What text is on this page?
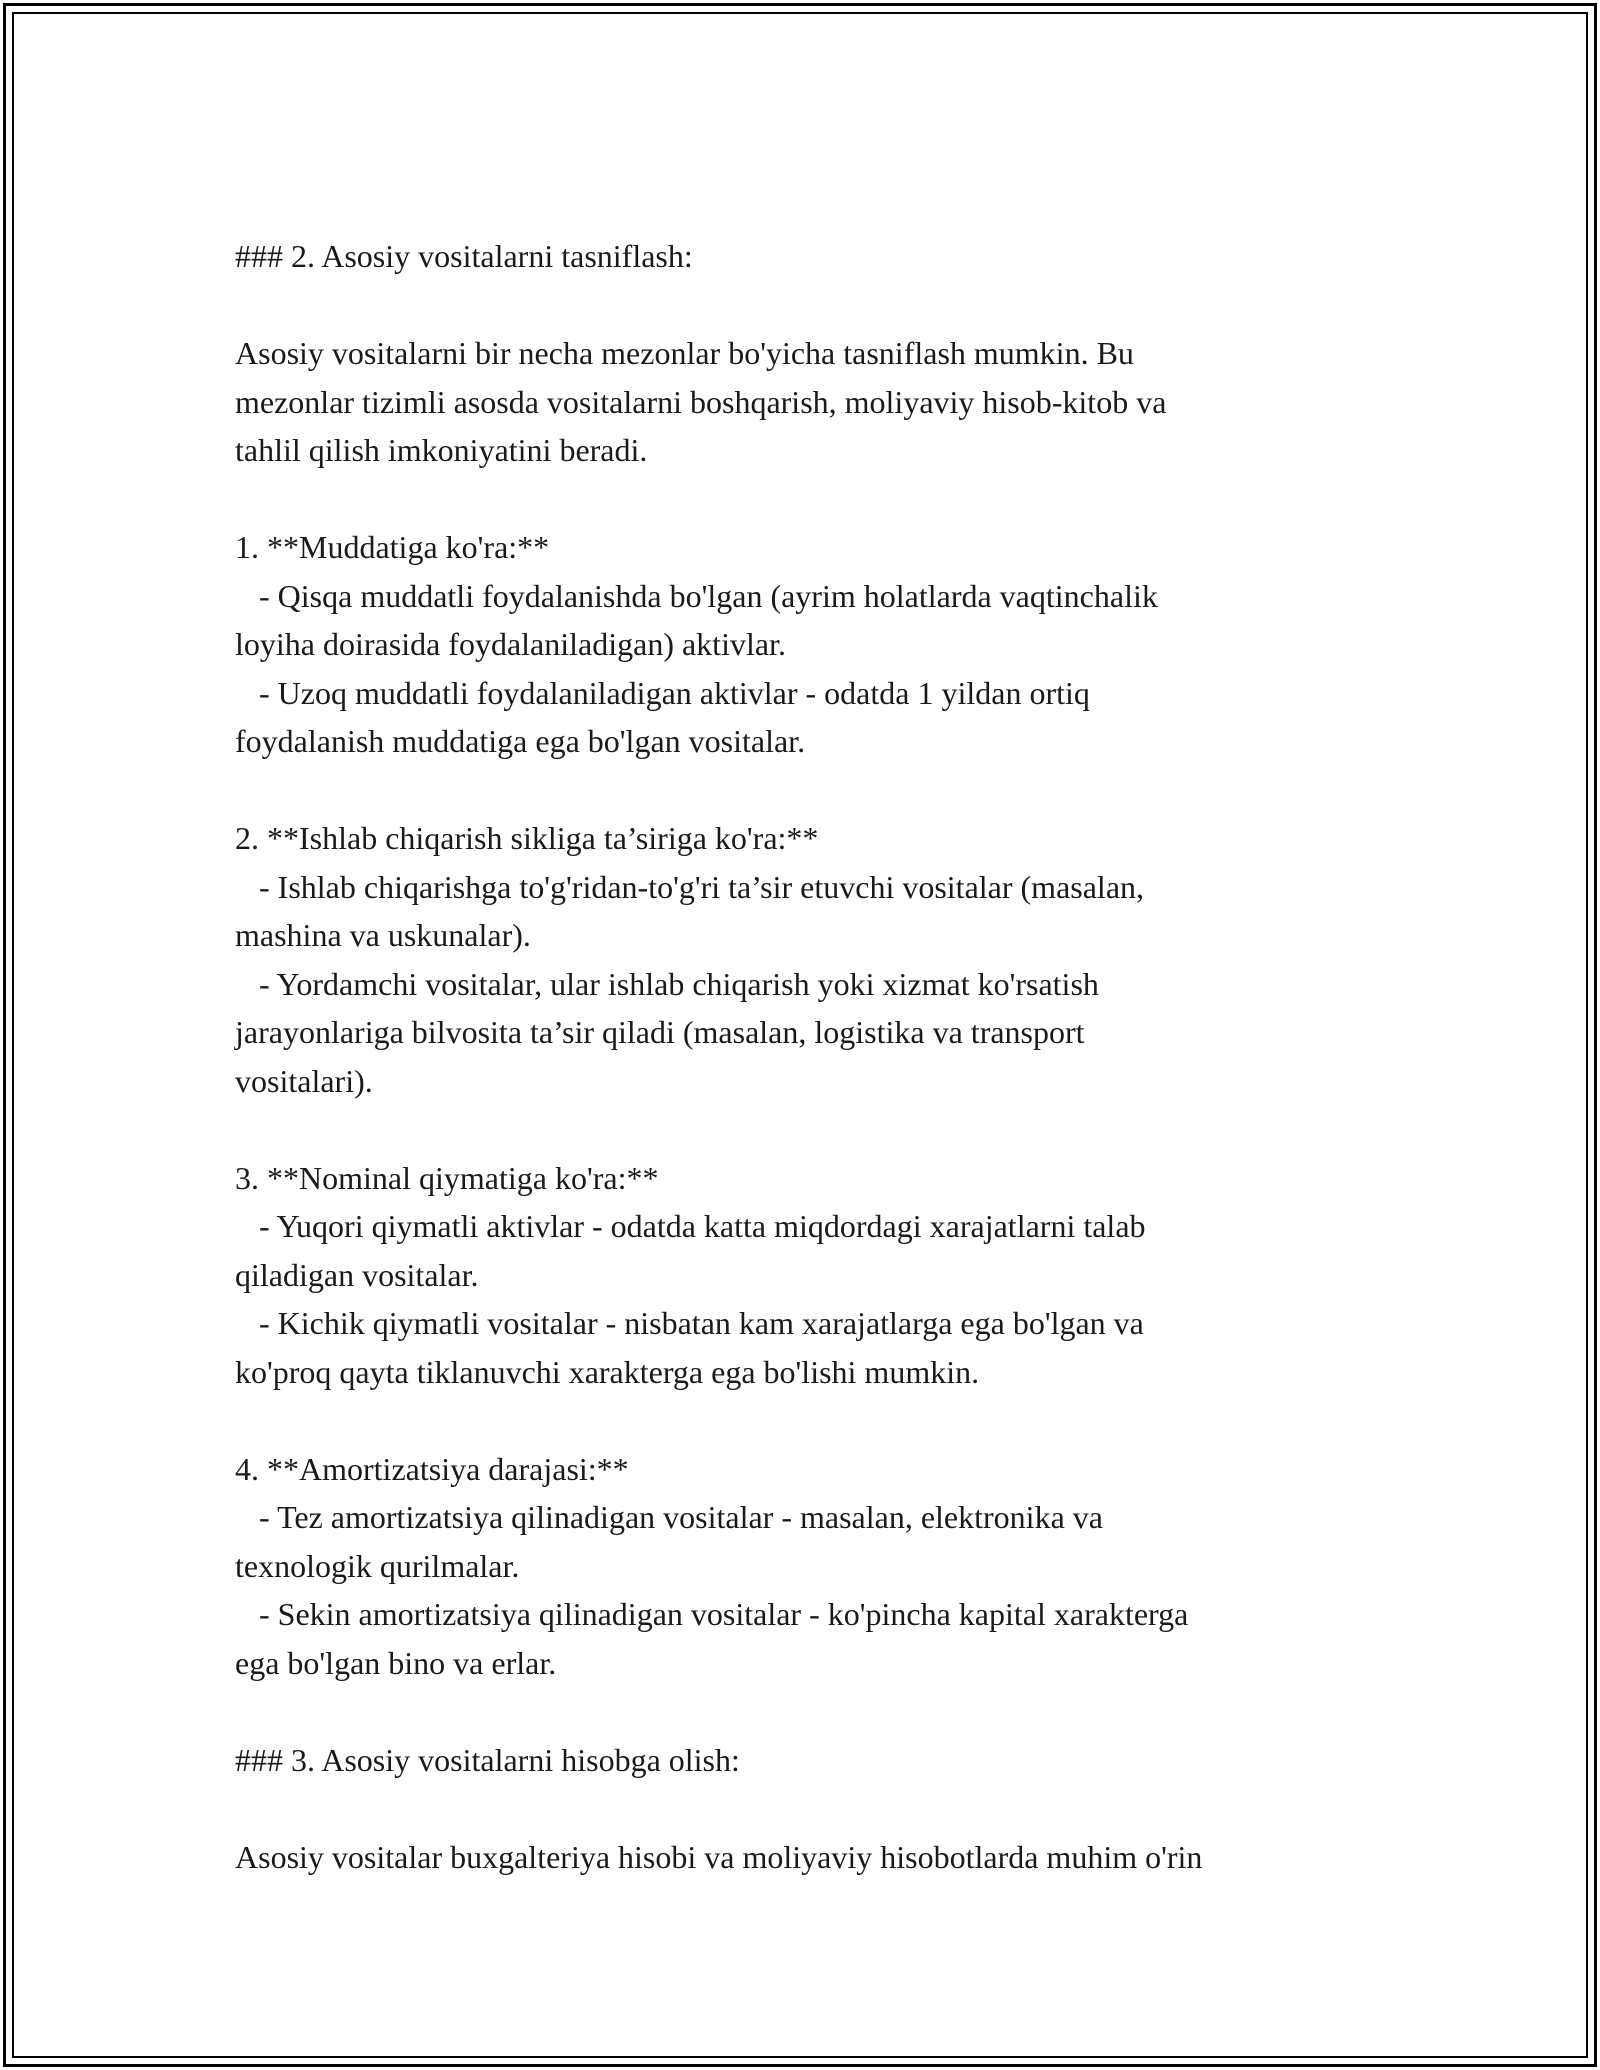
### 2. Asosiy vositalarni tasniflash:
Asosiy vositalarni bir necha mezonlar bo'yicha tasniflash mumkin. Bu
mezonlar tizimli asosda vositalarni boshqarish, moliyaviy hisob-kitob va
tahlil qilish imkoniyatini beradi.
1. **Muddatiga ko'ra:**
- Qisqa muddatli foydalanishda bo'lgan (ayrim holatlarda vaqtinchalik
loyiha doirasida foydalaniladigan) aktivlar.
- Uzoq muddatli foydalaniladigan aktivlar - odatda 1 yildan ortiq
foydalanish muddatiga ega bo'lgan vositalar.
2. **Ishlab chiqarish sikliga ta’siriga ko'ra:**
- Ishlab chiqarishga to'g'ridan-to'g'ri ta’sir etuvchi vositalar (masalan,
mashina va uskunalar).
- Yordamchi vositalar, ular ishlab chiqarish yoki xizmat ko'rsatish
jarayonlariga bilvosita ta’sir qiladi (masalan, logistika va transport
vositalari).
3. **Nominal qiymatiga ko'ra:**
- Yuqori qiymatli aktivlar - odatda katta miqdordagi xarajatlarni talab
qiladigan vositalar.
- Kichik qiymatli vositalar - nisbatan kam xarajatlarga ega bo'lgan va
ko'proq qayta tiklanuvchi xarakterga ega bo'lishi mumkin.
4. **Amortizatsiya darajasi:**
- Tez amortizatsiya qilinadigan vositalar - masalan, elektronika va
texnologik qurilmalar.
- Sekin amortizatsiya qilinadigan vositalar - ko'pincha kapital xarakterga
ega bo'lgan bino va erlar.
### 3. Asosiy vositalarni hisobga olish:
Asosiy vositalar buxgalteriya hisobi va moliyaviy hisobotlarda muhim o'rin
